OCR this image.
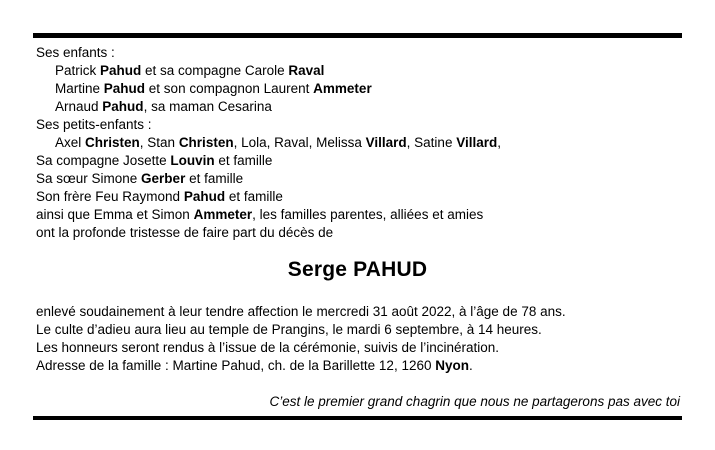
Ses enfants :
Patrick Pahud et sa compagne Carole Raval
Martine Pahud et son compagnon Laurent Ammeter
Arnaud Pahud, sa maman Cesarina
Ses petits-enfants :
Axel Christen, Stan Christen, Lola, Raval, Melissa Villard, Satine Villard,
Sa compagne Josette Louvin et famille
Sa sœur Simone Gerber et famille
Son frère Feu Raymond Pahud et famille
ainsi que Emma et Simon Ammeter, les familles parentes, alliées et amies
ont la profonde tristesse de faire part du décès de
Serge PAHUD
enlevé soudainement à leur tendre affection le mercredi 31 août 2022, à l’âge de 78 ans.
Le culte d’adieu aura lieu au temple de Prangins, le mardi 6 septembre, à 14 heures.
Les honneurs seront rendus à l’issue de la cérémonie, suivis de l’incinération.
Adresse de la famille : Martine Pahud, ch. de la Barillette 12, 1260 Nyon.
C’est le premier grand chagrin que nous ne partagerons pas avec toi
